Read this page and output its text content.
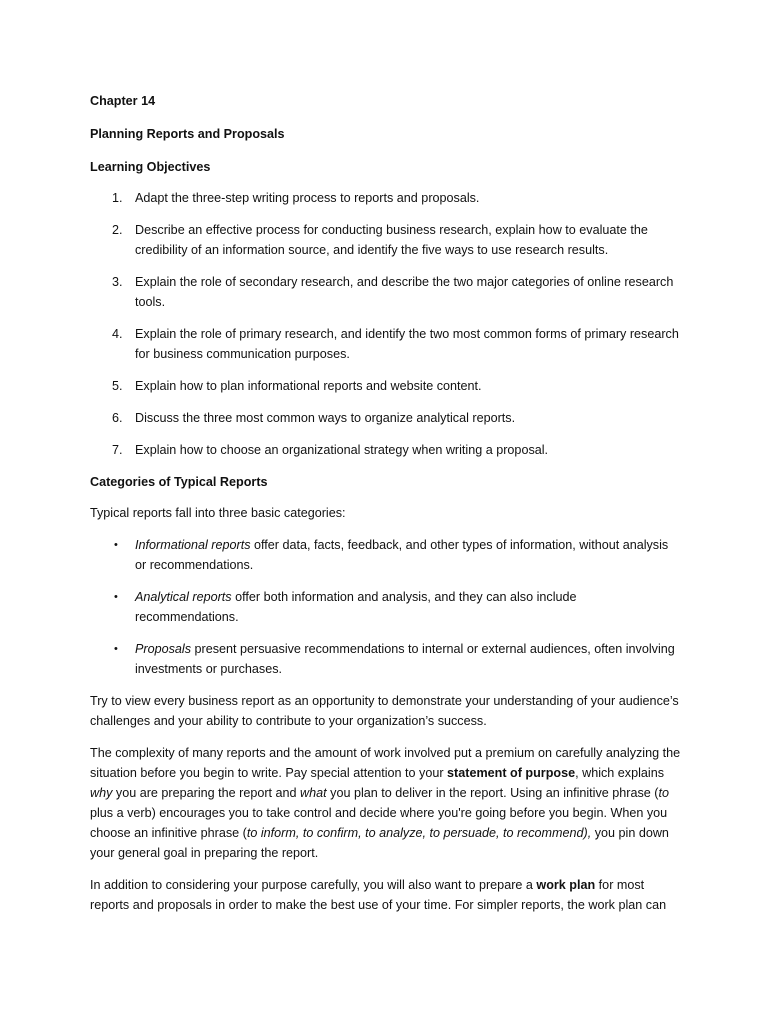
Chapter 14
Planning Reports and Proposals
Learning Objectives
1. Adapt the three-step writing process to reports and proposals.
2. Describe an effective process for conducting business research, explain how to evaluate the credibility of an information source, and identify the five ways to use research results.
3. Explain the role of secondary research, and describe the two major categories of online research tools.
4. Explain the role of primary research, and identify the two most common forms of primary research for business communication purposes.
5. Explain how to plan informational reports and website content.
6. Discuss the three most common ways to organize analytical reports.
7. Explain how to choose an organizational strategy when writing a proposal.
Categories of Typical Reports

Typical reports fall into three basic categories:

• Informational reports offer data, facts, feedback, and other types of information, without analysis or recommendations.
• Analytical reports offer both information and analysis, and they can also include recommendations.
• Proposals present persuasive recommendations to internal or external audiences, often involving investments or purchases.

Try to view every business report as an opportunity to demonstrate your understanding of your audience’s challenges and your ability to contribute to your organization’s success.

The complexity of many reports and the amount of work involved put a premium on carefully analyzing the situation before you begin to write. Pay special attention to your statement of purpose, which explains why you are preparing the report and what you plan to deliver in the report. Using an infinitive phrase (to plus a verb) encourages you to take control and decide where you're going before you begin. When you choose an infinitive phrase (to inform, to confirm, to analyze, to persuade, to recommend), you pin down your general goal in preparing the report.

In addition to considering your purpose carefully, you will also want to prepare a work plan for most reports and proposals in order to make the best use of your time. For simpler reports, the work plan can
